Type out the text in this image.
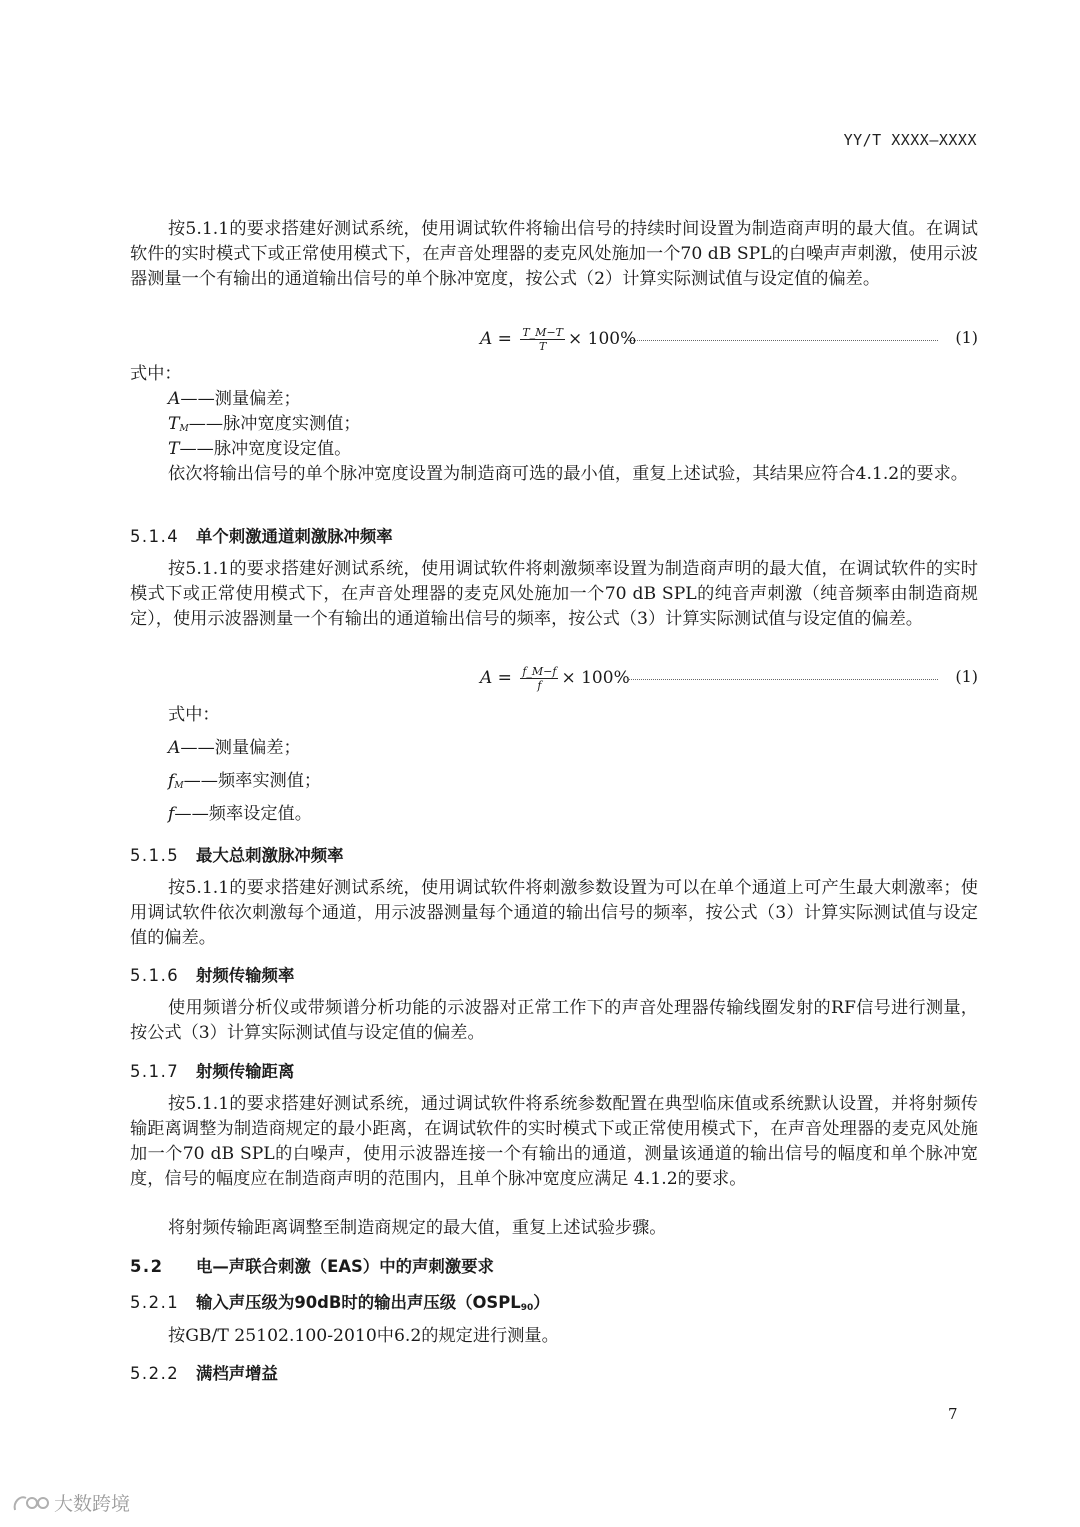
YY/T XXXX—XXXX
按5.1.1的要求搭建好测试系统，使用调试软件将输出信号的持续时间设置为制造商声明的最大值。在调试软件的实时模式下或正常使用模式下，在声音处理器的麦克风处施加一个70 dB SPL的白噪声声刺激，使用示波器测量一个有输出的通道输出信号的单个脉冲宽度，按公式（2）计算实际测试值与设定值的偏差。
$A = \frac{T\_M-T}{T} \times 100\%$	(1)
式中：
A——测量偏差；
$T_M——$脉冲宽度实测值；
T——脉冲宽度设定值。
依次将输出信号的单个脉冲宽度设置为制造商可选的最小值，重复上述试验，其结果应符合4.1.2的要求。
5.1.4 单个刺激通道刺激脉冲频率
按5.1.1的要求搭建好测试系统，使用调试软件将刺激频率设置为制造商声明的最大值，在调试软件的实时模式下或正常使用模式下，在声音处理器的麦克风处施加一个70 dB SPL的纯音声刺激（纯音频率由制造商规定），使用示波器测量一个有输出的通道输出信号的频率，按公式（3）计算实际测试值与设定值的偏差。
$A = \frac{f\_M-f}{f} \times 100\%$	(1)
式中：
A——测量偏差；
$f_M——$频率实测值；
f——频率设定值。
5.1.5 最大总刺激脉冲频率
按5.1.1的要求搭建好测试系统，使用调试软件将刺激参数设置为可以在单个通道上可产生最大刺激率；使用调试软件依次刺激每个通道，用示波器测量每个通道的输出信号的频率，按公式（3）计算实际测试值与设定值的偏差。
5.1.6 射频传输频率
使用频谱分析仪或带频谱分析功能的示波器对正常工作下的声音处理器传输线圈发射的RF信号进行测量，按公式（3）计算实际测试值与设定值的偏差。
5.1.7 射频传输距离
按5.1.1的要求搭建好测试系统，通过调试软件将系统参数配置在典型临床值或系统默认设置，并将射频传输距离调整为制造商规定的最小距离，在调试软件的实时模式下或正常使用模式下，在声音处理器的麦克风处施加一个70 dB SPL的白噪声，使用示波器连接一个有输出的通道，测量该通道的输出信号的幅度和单个脉冲宽度，信号的幅度应在制造商声明的范围内，且单个脉冲宽度应满足 4.1.2的要求。
将射频传输距离调整至制造商规定的最大值，重复上述试验步骤。
5.2 电—声联合刺激（EAS）中的声刺激要求
5.2.1 输入声压级为90dB时的输出声压级$(OSPL_{90})$
按GB/T 25102.100-2010中6.2的规定进行测量。
5.2.2 满档声增益
7
大数跨境
